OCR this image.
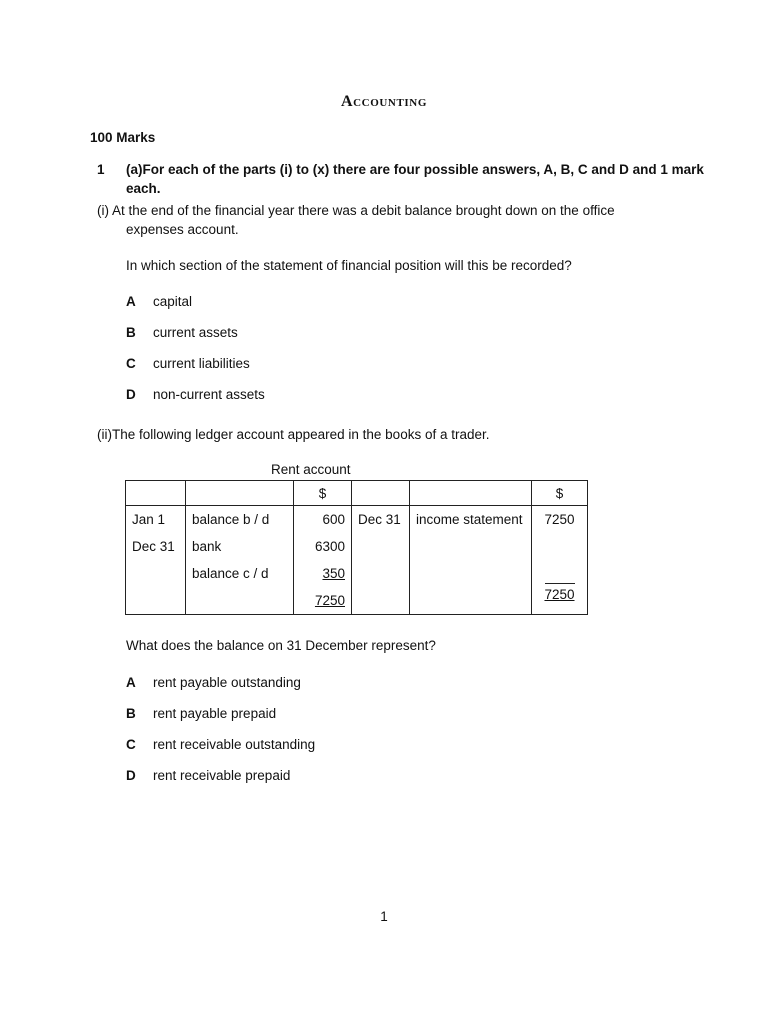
Accounting
100 Marks
1 (a)For each of the parts (i) to (x) there are four possible answers, A, B, C and D and 1 mark
each.
(i) At the end of the financial year there was a debit balance brought down on the office
expenses account.
In which section of the statement of financial position will this be recorded?
A capital
B current assets
C current liabilities
D non-current assets
(ii)The following ledger account appeared in the books of a trader.
Rent account
		$			$
Jan 1	balance b / d	600	Dec 31	income statement	7250
Dec 31	bank	6300			
	balance c / d	350			
		7250			7250
What does the balance on 31 December represent?
A rent payable outstanding
B rent payable prepaid
C rent receivable outstanding
D rent receivable prepaid
1
